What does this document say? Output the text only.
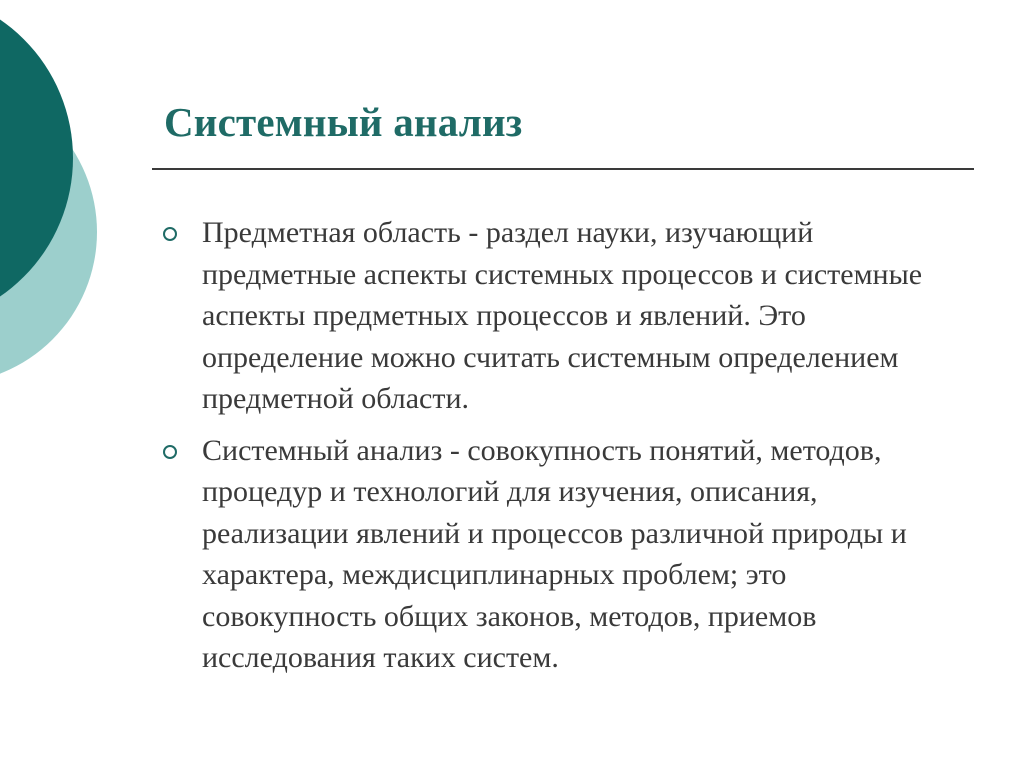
Системный анализ
Предметная область - раздел науки, изучающий предметные аспекты системных процессов и системные аспекты предметных процессов и явлений. Это определение можно считать системным определением предметной области.
Системный анализ - совокупность понятий, методов, процедур и технологий для изучения, описания, реализации явлений и процессов различной природы и характера, междисциплинарных проблем; это совокупность общих законов, методов, приемов исследования таких систем.
